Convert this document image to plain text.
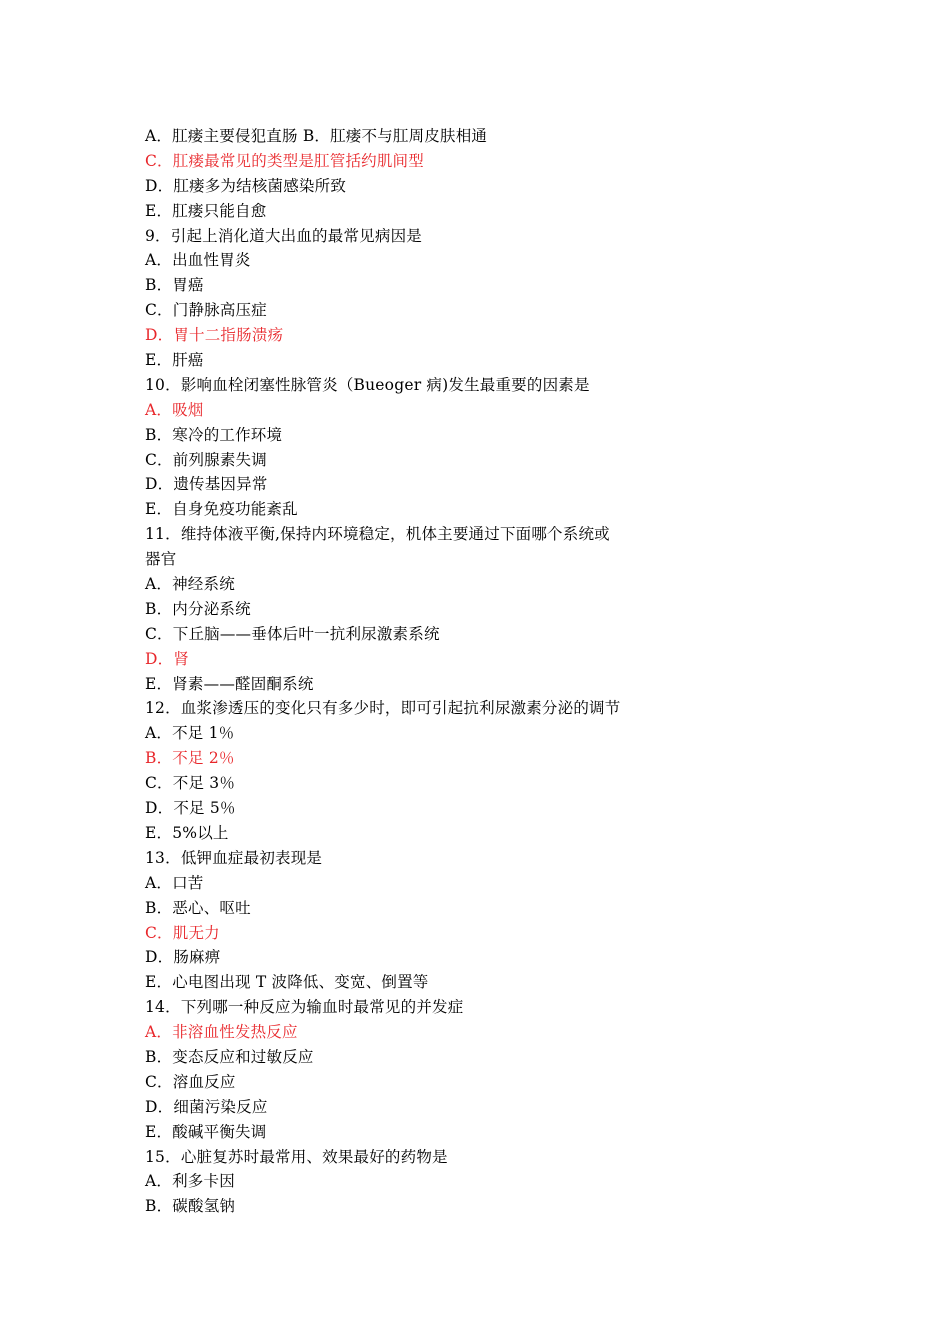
A．肛瘘主要侵犯直肠 B．肛瘘不与肛周皮肤相通
C．肛瘘最常见的类型是肛管括约肌间型
D．肛瘘多为结核菌感染所致
E．肛瘘只能自愈
9．引起上消化道大出血的最常见病因是
A．出血性胃炎
B．胃癌
C．门静脉高压症
D．胃十二指肠溃疡
E．肝癌
10．影响血栓闭塞性脉管炎（Bueoger 病)发生最重要的因素是
A．吸烟
B．寒冷的工作环境
C．前列腺素失调
D．遗传基因异常
E．自身免疫功能紊乱
11．维持体液平衡,保持内环境稳定，机体主要通过下面哪个系统或
器官
A．神经系统
B．内分泌系统
C．下丘脑——垂体后叶一抗利尿激素系统
D．肾
E．肾素——醛固酮系统
12．血浆渗透压的变化只有多少时，即可引起抗利尿激素分泌的调节
A．不足 1％
B．不足 2％
C．不足 3％
D．不足 5％
E．5%以上
13．低钾血症最初表现是
A．口苦
B．恶心、呕吐
C．肌无力
D．肠麻痹
E．心电图出现 T 波降低、变宽、倒置等
14．下列哪一种反应为输血时最常见的并发症
A．非溶血性发热反应
B．变态反应和过敏反应
C．溶血反应
D．细菌污染反应
E．酸碱平衡失调
15．心脏复苏时最常用、效果最好的药物是
A．利多卡因
B．碳酸氢钠
